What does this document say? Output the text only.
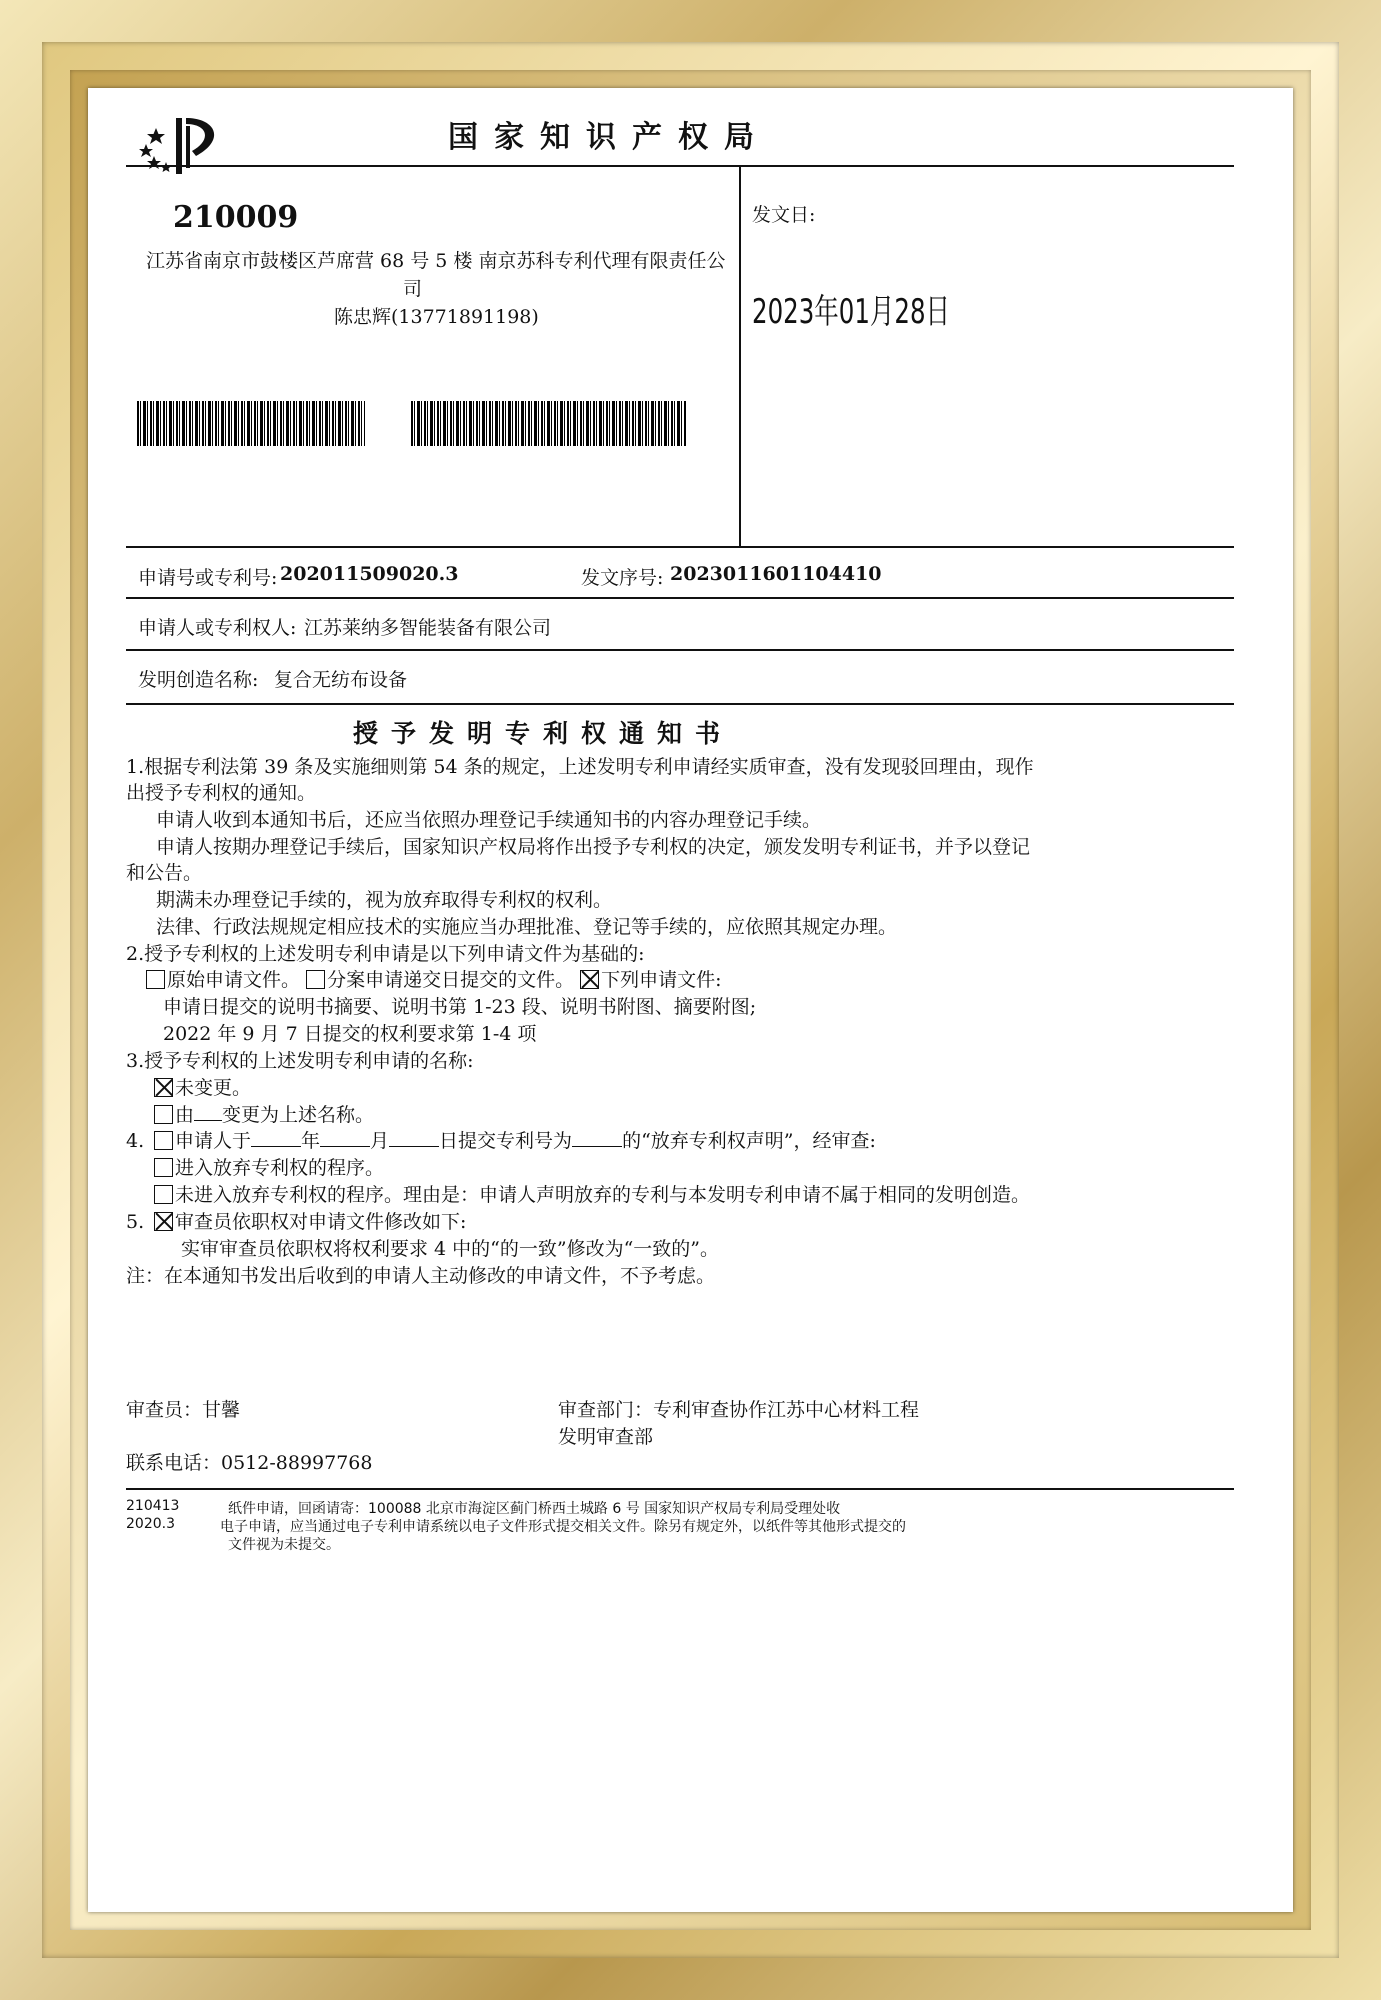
国家知识产权局
210009
江苏省南京市鼓楼区芦席营 68 号 5 楼 南京苏科专利代理有限责任公
司
陈忠辉(13771891198)
发文日:
2023年01月28日
申请号或专利号: 202011509020.3	发文序号: 2023011601104410
申请人或专利权人: 江苏莱纳多智能装备有限公司
发明创造名称: 复合无纺布设备
授予发明专利权通知书
1.根据专利法第 39 条及实施细则第 54 条的规定，上述发明专利申请经实质审查，没有发现驳回理由，现作
出授予专利权的通知。
申请人收到本通知书后，还应当依照办理登记手续通知书的内容办理登记手续。
申请人按期办理登记手续后，国家知识产权局将作出授予专利权的决定，颁发发明专利证书，并予以登记
和公告。
期满未办理登记手续的，视为放弃取得专利权的权利。
法律、行政法规规定相应技术的实施应当办理批准、登记等手续的，应依照其规定办理。
2.授予专利权的上述发明专利申请是以下列申请文件为基础的:
原始申请文件。 分案申请递交日提交的文件。 下列申请文件:
申请日提交的说明书摘要、说明书第 1-23 段、说明书附图、摘要附图;
2022 年 9 月 7 日提交的权利要求第 1-4 项
3.授予专利权的上述发明专利申请的名称:
未变更。
由 变更为上述名称。
4. 申请人于	年	月	日提交专利号为	的“放弃专利权声明”，经审查:
进入放弃专利权的程序。
未进入放弃专利权的程序。理由是：申请人声明放弃的专利与本发明专利申请不属于相同的发明创造。
5. 审查员依职权对申请文件修改如下:
实审审查员依职权将权利要求 4 中的“的一致”修改为“一致的”。
注：在本通知书发出后收到的申请人主动修改的申请文件，不予考虑。
审查员：甘馨	审查部门：专利审查协作江苏中心材料工程
发明审查部
联系电话：0512-88997768
210413
2020.3
纸件申请，回函请寄：100088 北京市海淀区蓟门桥西土城路 6 号 国家知识产权局专利局受理处收
电子申请，应当通过电子专利申请系统以电子文件形式提交相关文件。除另有规定外，以纸件等其他形式提交的
文件视为未提交。
